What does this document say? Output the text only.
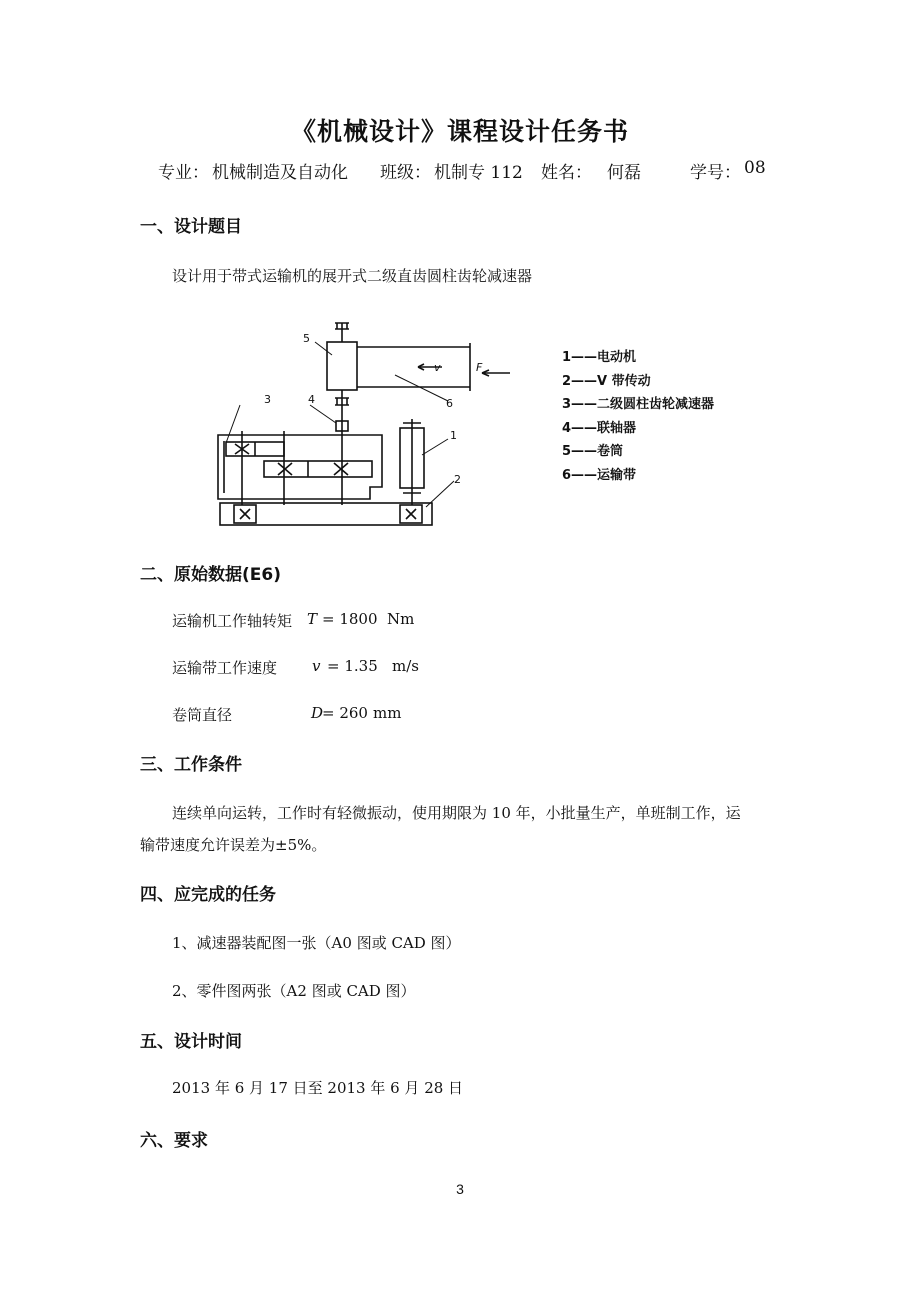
《机械设计》课程设计任务书
专业： 机械制造及自动化 班级： 机制专 112 姓名： 何磊	学号： 08
一、设计题目
设计用于带式运输机的展开式二级直齿圆柱齿轮减速器
5
6
3	4
1
2
v	F
1——电动机
2——V 带传动
3——二级圆柱齿轮减速器
4——联轴器
5——卷筒
6——运输带
二、原始数据(E6)
运输机工作轴转矩 T = 1800 Nm
运输带工作速度 v = 1.35 m/s
卷筒直径	D
= 260 mm
三、工作条件
连续单向运转，工作时有轻微振动，使用期限为 10 年，小批量生产，单班制工作，运
输带速度允许误差为±5%。
四、应完成的任务
1、减速器装配图一张（A0 图或 CAD 图）
2、零件图两张（A2 图或 CAD 图）
五、设计时间
2013 年 6 月 17 日至 2013 年 6 月 28 日
六、要求
3
